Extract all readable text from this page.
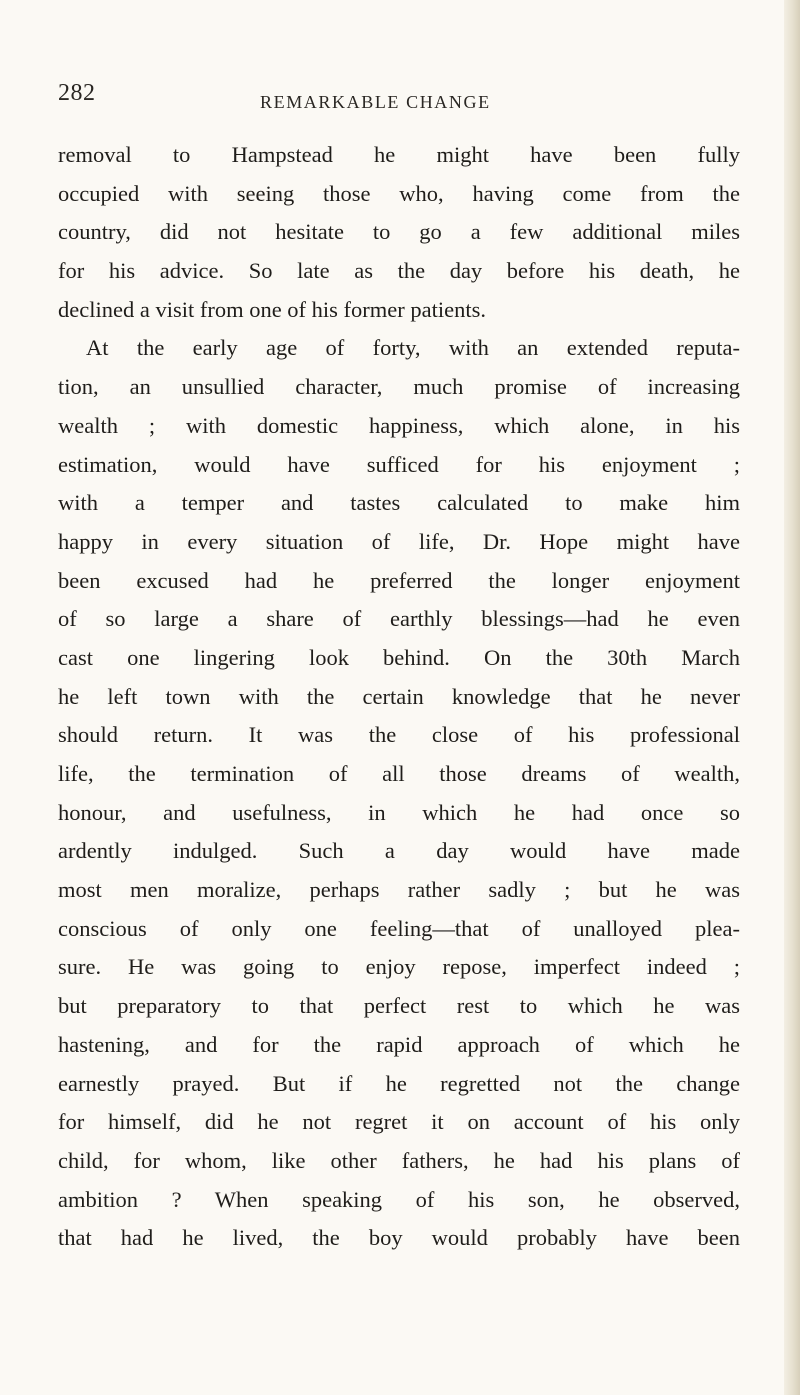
282	REMARKABLE CHANGE
removal to Hampstead he might have been fully
occupied with seeing those who, having come from the
country, did not hesitate to go a few additional miles
for his advice. So late as the day before his death, he
declined a visit from one of his former patients.
At the early age of forty, with an extended reputa-
tion, an unsullied character, much promise of increasing
wealth ; with domestic happiness, which alone, in his
estimation, would have sufficed for his enjoyment ;
with a temper and tastes calculated to make him
happy in every situation of life, Dr. Hope might have
been excused had he preferred the longer enjoyment
of so large a share of earthly blessings—had he even
cast one lingering look behind. On the 30th March
he left town with the certain knowledge that he never
should return. It was the close of his professional
life, the termination of all those dreams of wealth,
honour, and usefulness, in which he had once so
ardently indulged. Such a day would have made
most men moralize, perhaps rather sadly ; but he was
conscious of only one feeling—that of unalloyed plea-
sure. He was going to enjoy repose, imperfect indeed ;
but preparatory to that perfect rest to which he was
hastening, and for the rapid approach of which he
earnestly prayed. But if he regretted not the change
for himself, did he not regret it on account of his only
child, for whom, like other fathers, he had his plans of
ambition ? When speaking of his son, he observed,
that had he lived, the boy would probably have been
